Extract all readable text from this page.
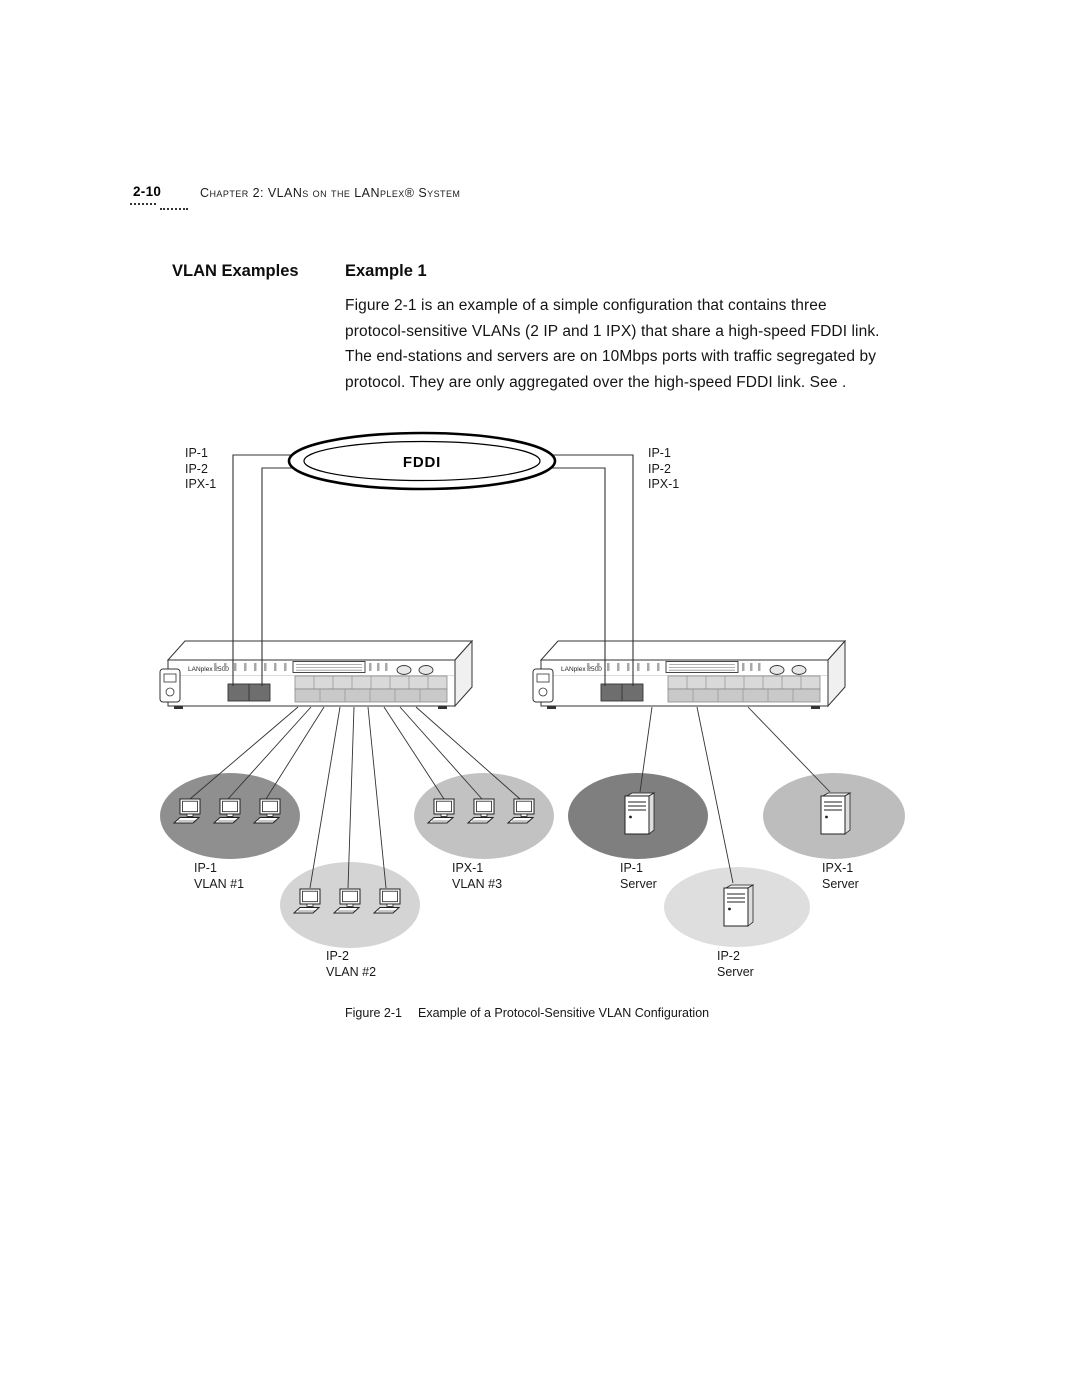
2-10	Chapter 2: VLANs on the LANplex® System
VLAN Examples	Example 1
Figure 2-1 is an example of a simple configuration that contains three
protocol-sensitive VLANs (2 IP and 1 IPX) that share a high-speed FDDI link.
The end-stations and servers are on 10Mbps ports with traffic segregated by
protocol. They are only aggregated over the high-speed FDDI link. See .
LANplex 2500
FDDI
IP-1
IP-2
IPX-1
IP-1
IP-2
IPX-1
IP-1
VLAN #1
IPX-1
VLAN #3
IP-1
Server
IPX-1
Server
IP-2
VLAN #2
IP-2
Server
Figure 2-1 Example of a Protocol-Sensitive VLAN Configuration
